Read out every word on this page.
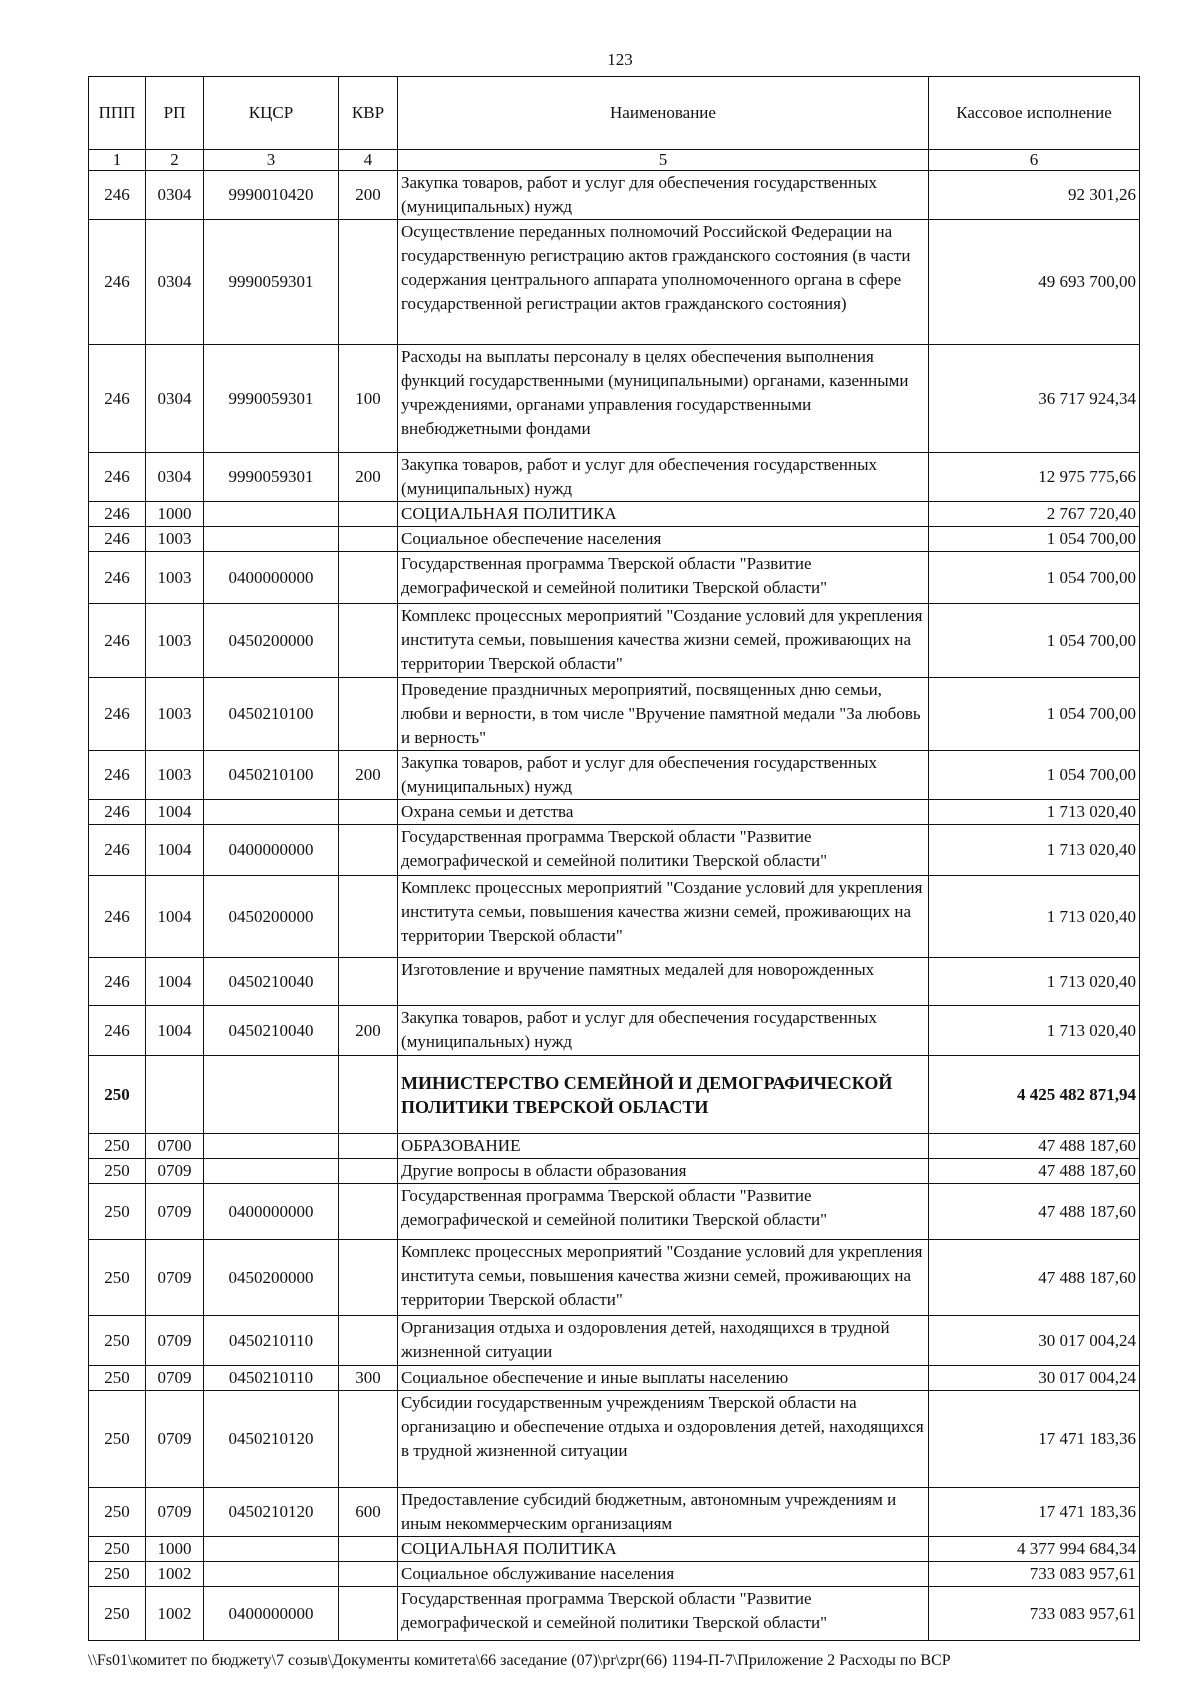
123
ППП	РП	КЦСР	КВР	Наименование	Кассовое исполнение
1	2	3	4	5	6
246	0304	9990010420	200	Закупка товаров, работ и услуг для обеспечения государственных (муниципальных) нужд	92 301,26
246	0304	9990059301		Осуществление переданных полномочий Российской Федерации на государственную регистрацию актов гражданского состояния (в части содержания центрального аппарата уполномоченного органа в сфере государственной регистрации актов гражданского состояния)	49 693 700,00
246	0304	9990059301	100	Расходы на выплаты персоналу в целях обеспечения выполнения функций государственными (муниципальными) органами, казенными учреждениями, органами управления государственными внебюджетными фондами	36 717 924,34
246	0304	9990059301	200	Закупка товаров, работ и услуг для обеспечения государственных (муниципальных) нужд	12 975 775,66
246	1000			СОЦИАЛЬНАЯ ПОЛИТИКА	2 767 720,40
246	1003			Социальное обеспечение населения	1 054 700,00
246	1003	0400000000		Государственная программа Тверской области "Развитие демографической и семейной политики Тверской области"	1 054 700,00
246	1003	0450200000		Комплекс процессных мероприятий "Создание условий для укрепления института семьи, повышения качества жизни семей, проживающих на территории Тверской области"	1 054 700,00
246	1003	0450210100		Проведение праздничных мероприятий, посвященных дню семьи, любви и верности, в том числе "Вручение памятной медали "За любовь и верность"	1 054 700,00
246	1003	0450210100	200	Закупка товаров, работ и услуг для обеспечения государственных (муниципальных) нужд	1 054 700,00
246	1004			Охрана семьи и детства	1 713 020,40
246	1004	0400000000		Государственная программа Тверской области "Развитие демографической и семейной политики Тверской области"	1 713 020,40
246	1004	0450200000		Комплекс процессных мероприятий "Создание условий для укрепления института семьи, повышения качества жизни семей, проживающих на территории Тверской области"	1 713 020,40
246	1004	0450210040		Изготовление и вручение памятных медалей для новорожденных	1 713 020,40
246	1004	0450210040	200	Закупка товаров, работ и услуг для обеспечения государственных (муниципальных) нужд	1 713 020,40
250				МИНИСТЕРСТВО СЕМЕЙНОЙ И ДЕМОГРАФИЧЕСКОЙ ПОЛИТИКИ ТВЕРСКОЙ ОБЛАСТИ	4 425 482 871,94
250	0700			ОБРАЗОВАНИЕ	47 488 187,60
250	0709			Другие вопросы в области образования	47 488 187,60
250	0709	0400000000		Государственная программа Тверской области "Развитие демографической и семейной политики Тверской области"	47 488 187,60
250	0709	0450200000		Комплекс процессных мероприятий "Создание условий для укрепления института семьи, повышения качества жизни семей, проживающих на территории Тверской области"	47 488 187,60
250	0709	0450210110		Организация отдыха и оздоровления детей, находящихся в трудной жизненной ситуации	30 017 004,24
250	0709	0450210110	300	Социальное обеспечение и иные выплаты населению	30 017 004,24
250	0709	0450210120		Субсидии государственным учреждениям Тверской области на организацию и обеспечение отдыха и оздоровления детей, находящихся в трудной жизненной ситуации	17 471 183,36
250	0709	0450210120	600	Предоставление субсидий бюджетным, автономным учреждениям и иным некоммерческим организациям	17 471 183,36
250	1000			СОЦИАЛЬНАЯ ПОЛИТИКА	4 377 994 684,34
250	1002			Социальное обслуживание населения	733 083 957,61
250	1002	0400000000		Государственная программа Тверской области "Развитие демографической и семейной политики Тверской области"	733 083 957,61
\\Fs01\комитет по бюджету\7 созыв\Документы комитета\66 заседание (07)\pr\zpr(66) 1194-П-7\Приложение 2 Расходы по ВСР
